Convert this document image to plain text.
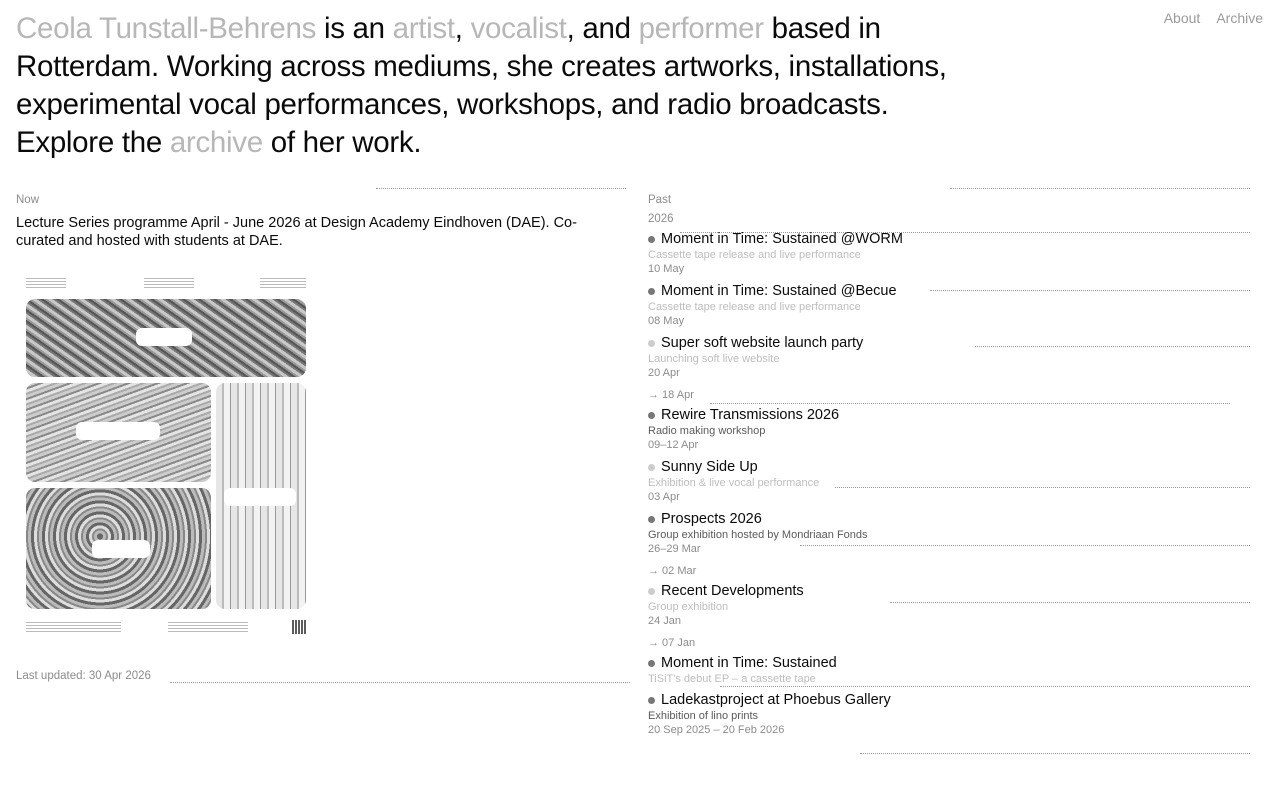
About Archive
Ceola Tunstall-Behrens is an artist, vocalist, and performer based in Rotterdam. Working across mediums, she creates artworks, installations, experimental vocal performances, workshops, and radio broadcasts. Explore the archive of her work.
Now
Lecture Series programme April - June 2026 at Design Academy Eindhoven (DAE). Co-curated and hosted with students at DAE.
Last updated: 30 Apr 2026
Past
2026
Moment in Time: Sustained @WORM
Cassette tape release and live performance
10 May
Moment in Time: Sustained @Becue
Cassette tape release and live performance
08 May
Super soft website launch party
Launching soft live website
20 Apr
→ 18 Apr
Rewire Transmissions 2026
Radio making workshop
09–12 Apr
Sunny Side Up
Exhibition & live vocal performance
03 Apr
Prospects 2026
Group exhibition hosted by Mondriaan Fonds
26–29 Mar
→ 02 Mar
Recent Developments
Group exhibition
24 Jan
→ 07 Jan
Moment in Time: Sustained
TiSiT's debut EP – a cassette tape
Ladekastproject at Phoebus Gallery
Exhibition of lino prints
20 Sep 2025 – 20 Feb 2026
